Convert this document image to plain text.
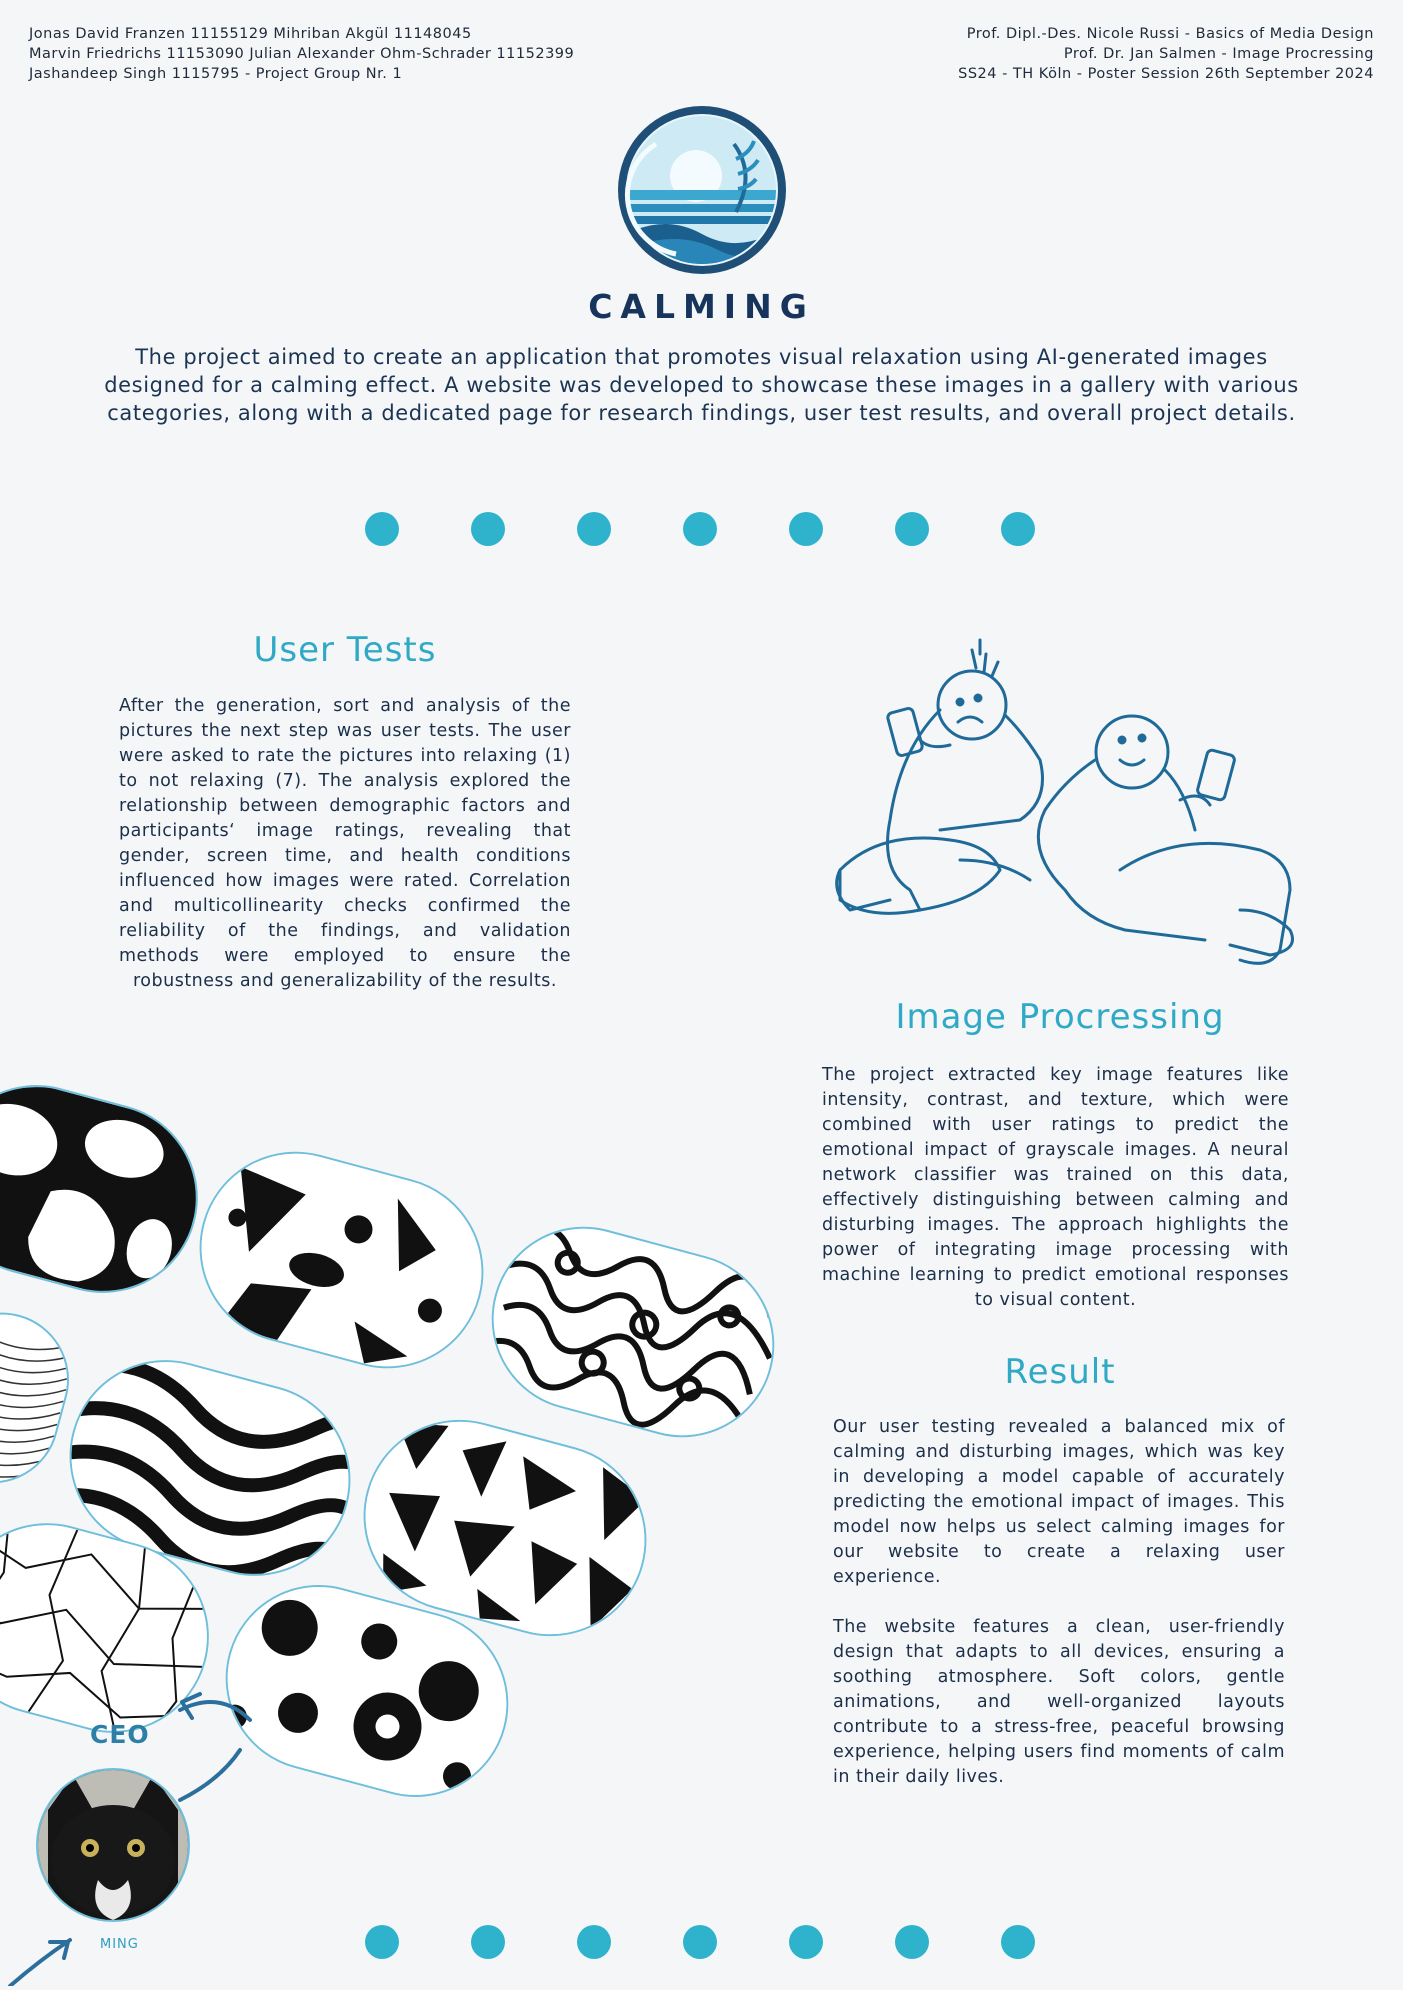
Jonas David Franzen 11155129 Mihriban Akgül 11148045
Marvin Friedrichs 11153090 Julian Alexander Ohm-Schrader 11152399
Jashandeep Singh 1115795 - Project Group Nr. 1
Prof. Dipl.-Des. Nicole Russi - Basics of Media Design
Prof. Dr. Jan Salmen - Image Procressing
SS24 - TH Köln - Poster Session 26th September 2024
CALMING
The project aimed to create an application that promotes visual relaxation using AI-generated images designed for a calming effect. A website was developed to showcase these images in a gallery with various categories, along with a dedicated page for research findings, user test results, and overall project details.
User Tests
After the generation, sort and analysis of the pictures the next step was user tests. The user were asked to rate the pictures into relaxing (1) to not relaxing (7). The analysis explored the relationship between demographic factors and participants‘ image ratings, revealing that gender, screen time, and health conditions influenced how images were rated. Correlation and multicollinearity checks confirmed the reliability of the findings, and validation methods were employed to ensure the robustness and generalizability of the results.
Image Procressing
The project extracted key image features like intensity, contrast, and texture, which were combined with user ratings to predict the emotional impact of grayscale images. A neural network classifier was trained on this data, effectively distinguishing between calming and disturbing images. The approach highlights the power of integrating image processing with machine learning to predict emotional responses to visual content.
Result

Our user testing revealed a balanced mix of calming and disturbing images, which was key in developing a model capable of accurately predicting the emotional impact of images. This model now helps us select calming images for our website to create a relaxing user experience.

The website features a clean, user-friendly design that adapts to all devices, ensuring a soothing atmosphere. Soft colors, gentle animations, and well-organized layouts contribute to a stress-free, peaceful browsing experience, helping users find moments of calm in their daily lives.

CEO
MING
